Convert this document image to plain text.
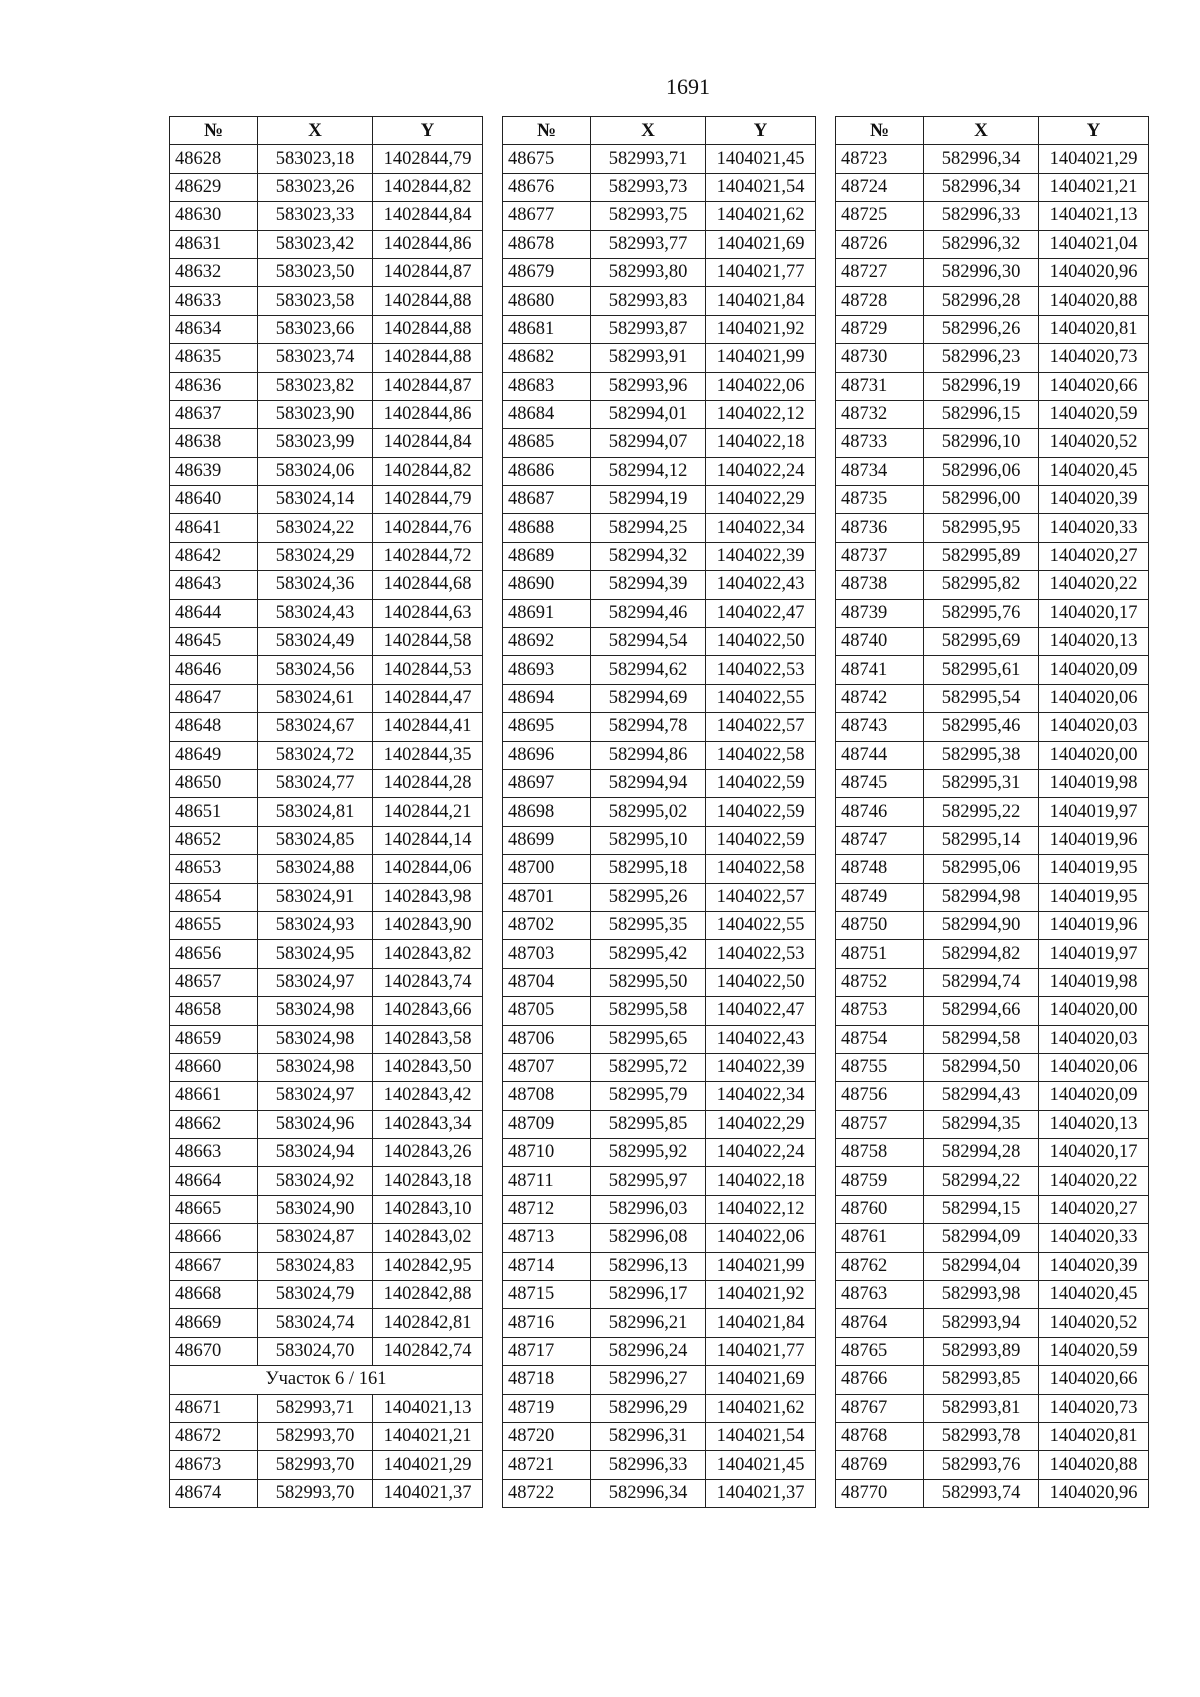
1691
№	X	Y
48628	583023,18	1402844,79
48629	583023,26	1402844,82
48630	583023,33	1402844,84
48631	583023,42	1402844,86
48632	583023,50	1402844,87
48633	583023,58	1402844,88
48634	583023,66	1402844,88
48635	583023,74	1402844,88
48636	583023,82	1402844,87
48637	583023,90	1402844,86
48638	583023,99	1402844,84
48639	583024,06	1402844,82
48640	583024,14	1402844,79
48641	583024,22	1402844,76
48642	583024,29	1402844,72
48643	583024,36	1402844,68
48644	583024,43	1402844,63
48645	583024,49	1402844,58
48646	583024,56	1402844,53
48647	583024,61	1402844,47
48648	583024,67	1402844,41
48649	583024,72	1402844,35
48650	583024,77	1402844,28
48651	583024,81	1402844,21
48652	583024,85	1402844,14
48653	583024,88	1402844,06
48654	583024,91	1402843,98
48655	583024,93	1402843,90
48656	583024,95	1402843,82
48657	583024,97	1402843,74
48658	583024,98	1402843,66
48659	583024,98	1402843,58
48660	583024,98	1402843,50
48661	583024,97	1402843,42
48662	583024,96	1402843,34
48663	583024,94	1402843,26
48664	583024,92	1402843,18
48665	583024,90	1402843,10
48666	583024,87	1402843,02
48667	583024,83	1402842,95
48668	583024,79	1402842,88
48669	583024,74	1402842,81
48670	583024,70	1402842,74
Участок 6 / 161		
48671	582993,71	1404021,13
48672	582993,70	1404021,21
48673	582993,70	1404021,29
48674	582993,70	1404021,37
№	X	Y
48675	582993,71	1404021,45
48676	582993,73	1404021,54
48677	582993,75	1404021,62
48678	582993,77	1404021,69
48679	582993,80	1404021,77
48680	582993,83	1404021,84
48681	582993,87	1404021,92
48682	582993,91	1404021,99
48683	582993,96	1404022,06
48684	582994,01	1404022,12
48685	582994,07	1404022,18
48686	582994,12	1404022,24
48687	582994,19	1404022,29
48688	582994,25	1404022,34
48689	582994,32	1404022,39
48690	582994,39	1404022,43
48691	582994,46	1404022,47
48692	582994,54	1404022,50
48693	582994,62	1404022,53
48694	582994,69	1404022,55
48695	582994,78	1404022,57
48696	582994,86	1404022,58
48697	582994,94	1404022,59
48698	582995,02	1404022,59
48699	582995,10	1404022,59
48700	582995,18	1404022,58
48701	582995,26	1404022,57
48702	582995,35	1404022,55
48703	582995,42	1404022,53
48704	582995,50	1404022,50
48705	582995,58	1404022,47
48706	582995,65	1404022,43
48707	582995,72	1404022,39
48708	582995,79	1404022,34
48709	582995,85	1404022,29
48710	582995,92	1404022,24
48711	582995,97	1404022,18
48712	582996,03	1404022,12
48713	582996,08	1404022,06
48714	582996,13	1404021,99
48715	582996,17	1404021,92
48716	582996,21	1404021,84
48717	582996,24	1404021,77
48718	582996,27	1404021,69
48719	582996,29	1404021,62
48720	582996,31	1404021,54
48721	582996,33	1404021,45
48722	582996,34	1404021,37
№	X	Y
48723	582996,34	1404021,29
48724	582996,34	1404021,21
48725	582996,33	1404021,13
48726	582996,32	1404021,04
48727	582996,30	1404020,96
48728	582996,28	1404020,88
48729	582996,26	1404020,81
48730	582996,23	1404020,73
48731	582996,19	1404020,66
48732	582996,15	1404020,59
48733	582996,10	1404020,52
48734	582996,06	1404020,45
48735	582996,00	1404020,39
48736	582995,95	1404020,33
48737	582995,89	1404020,27
48738	582995,82	1404020,22
48739	582995,76	1404020,17
48740	582995,69	1404020,13
48741	582995,61	1404020,09
48742	582995,54	1404020,06
48743	582995,46	1404020,03
48744	582995,38	1404020,00
48745	582995,31	1404019,98
48746	582995,22	1404019,97
48747	582995,14	1404019,96
48748	582995,06	1404019,95
48749	582994,98	1404019,95
48750	582994,90	1404019,96
48751	582994,82	1404019,97
48752	582994,74	1404019,98
48753	582994,66	1404020,00
48754	582994,58	1404020,03
48755	582994,50	1404020,06
48756	582994,43	1404020,09
48757	582994,35	1404020,13
48758	582994,28	1404020,17
48759	582994,22	1404020,22
48760	582994,15	1404020,27
48761	582994,09	1404020,33
48762	582994,04	1404020,39
48763	582993,98	1404020,45
48764	582993,94	1404020,52
48765	582993,89	1404020,59
48766	582993,85	1404020,66
48767	582993,81	1404020,73
48768	582993,78	1404020,81
48769	582993,76	1404020,88
48770	582993,74	1404020,96
